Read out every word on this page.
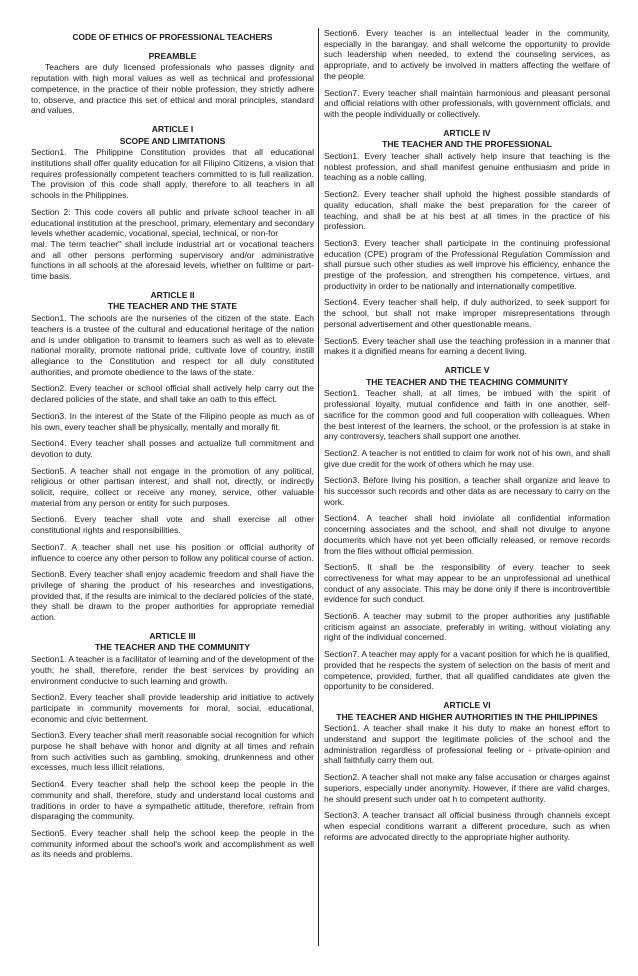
CODE OF ETHICS OF PROFESSIONAL TEACHERS
PREAMBLE

Teachers are duly licensed professionals who passes dignity and reputation with high moral values as well as technical and professional competence, in the practice of their noble profession, they strictly adhere to, observe, and practice this set of ethical and moral principles, standard and values.

ARTICLE I
SCOPE AND LIMITATIONS

Section1. The Philippine Constitution provides that all educational institutions shall offer quality education for all Filipino Citizens, a vision that requires professionally competent teachers committed to is full realization. The provision of this code shall apply, therefore to all teachers in all schools in the Philippines.

Section 2: This code covers all public and private school teacher in all educational institution at the preschool, primary, elementary and secondary levels whether academic, vocational, special, technical, or non-for

mal. The term teacher" shall include industrial art or vocational teachers and all other persons performing supervisory and/or administrative functions in all schools at the aforesaid levels, whether on fulltime or part-time basis.

ARTICLE II
THE TEACHER AND THE STATE

Section1. The schools are the nurseries of the citizen of the state. Each teachers is a trustee of the cultural and educational heritage of the nation and is under obligation to transmit to learners such as well as to elevate national morality, promote national pride, cultivate love of country, instill allegiance to the Constitution and respect tor all duly constituted authorities, and promote obedience to the laws of the state.

Section2. Every teacher or school official shall actively help carry out the declared policies of the state, and shall take an oath to this effect.

Section3. In the interest of the State of the Filipino people as much as of his own, every teacher shall be physically, mentally and morally fit.

Section4. Every teacher shall posses and actualize full commitment and devotion to duty.

Section5. A teacher shall not engage in the promotion of any political, religious or other partisan interest, and shall not, directly, or indirectly solicit, require, collect or receive any money, service, other valuable material from any person or entity for such purposes.

Section6. Every teacher shall vote and shall exercise all other constitutional rights and responsibilities.

Section7. A teacher shall net use his position or official authority of influence to coerce any other person to follow any political course of action.

Section8. Every teacher shall enjoy academic freedom and shall have the privilege of sharing the product of his researches and investigations, provided that, if the results are inimical to the declared policies of the state, they shall be drawn to the proper authorities for appropriate remedial action.

ARTICLE III
THE TEACHER AND THE COMMUNITY

Section1. A teacher is a facilitator of learning and of the development of the youth; he shall, therefore, render the best services by providing an environment conducive to such learning and growth.

Section2. Every teacher shall provide leadership arid initiative to actively participate in community movements for moral, social, educational, economic and civic betterment.

Section3. Every teacher shall merit reasonable social recognition for which purpose he shall behave with honor and dignity at all times and refrain from such activities such as gambling, smoking, drunkenness and other excesses, much less illicit relations.

Section4. Every teacher shall help the school keep the people in the community and shall, therefore, study and understand local customs and traditions in order to have a sympathetic attitude, therefore, refrain from disparaging the community.

Section5. Every teacher shall help the school keep the people in the community informed about the school's work and accomplishment as well as its needs and problems.

Section6. Every teacher is an intellectual leader in the community, especially in the barangay. and shall welcome the opportunity to provide such leadership when needed, to extend the counseling services, as appropriate, and to actively be involved in matters affecting the welfare of the people.

Section7. Every teacher shall maintain harmonious and pleasant personal and official relations with other professionals, with government officials, and with the people individually or collectively.

ARTICLE IV
THE TEACHER AND THE PROFESSIONAL

Section1. Every teacher shall actively help insure that teaching is the noblest profession, and shall manifest genuine enthusiasm and pride in teaching as a noble calling.

Section2. Every teacher shall uphold the highest possible standards of quality education, shall make the best preparation for the career of teaching, and shall be at his best at all times in the practice of his profession.

Section3. Every teacher shall participate in the continuing professional education (CPE) program of the Professional Regulation Commission and shall pursue such other studies as well improve his efficiency, enhance the prestige of the profession, and strengthen his competence, virtues, and productivity in order to be nationally and internationally competitive.

Section4. Every teacher shall help, if duly authorized, to seek support for the school, but shall not make improper misrepresentations through personal advertisement and other questionable means.

Section5. Every teacher shall use the teaching profession in a manner that makes it a dignified means for earning a decent living.

ARTICLE V
THE TEACHER AND THE TEACHING COMMUNITY

Section1. Teacher shall, at all times, be imbued with the spirit of professional loyalty, mutual confidence and faith in one another, self-sacrifice for the common good and full cooperation with colleagues. When the best interest of the learners, the school, or the profession is at stake in any controversy, teachers shall support one another.

Section2. A teacher is not entitled to claim for work not of his own, and shall give due credit for the work of others which he may use.

Section3. Before living his position, a teacher shall organize and leave to his successor such records and other data as are necessary to carry on the work.

Section4. A teacher shall hold inviolate all confidential information concerning associates and the school, and shall not divulge to anyone documents which have not yet been officially released, or remove records from the files without official permission.

Section5. It shall be the responsibility of every teacher to seek correctiveness for what may appear to be an unprofessional ad unethical conduct of any associate. This may be done only if there is incontrovertible evidence for such conduct.

Section6. A teacher may submit to the proper authorities any justifiable criticism against an associate, preferably in writing, without violating any right of the individual concerned.

Section7. A teacher may apply for a vacant position for which he is qualified, provided that he respects the system of selection on the basis of merit and competence, provided, further, that all qualified candidates ate given the opportunity to be considered.

ARTICLE VI
THE TEACHER AND HIGHER AUTHORITIES IN THE PHILIPPINES

Section1. A teacher shall make it his duty to make an honest effort to understand and support the legitimate policies of the school and the administration regardless of professional feeling or - private-opinion and shall faithfully carry them out.

Section2. A teacher shall not make any false accusation or charges against superiors, especially under anonymity. However, if there are valid charges, he should present such under oat h to competent authority.

Section3. A teacher transact all official business through channels except when especial conditions warrant a different procedure, such as when reforms are advocated directly to the appropriate higher authority.
